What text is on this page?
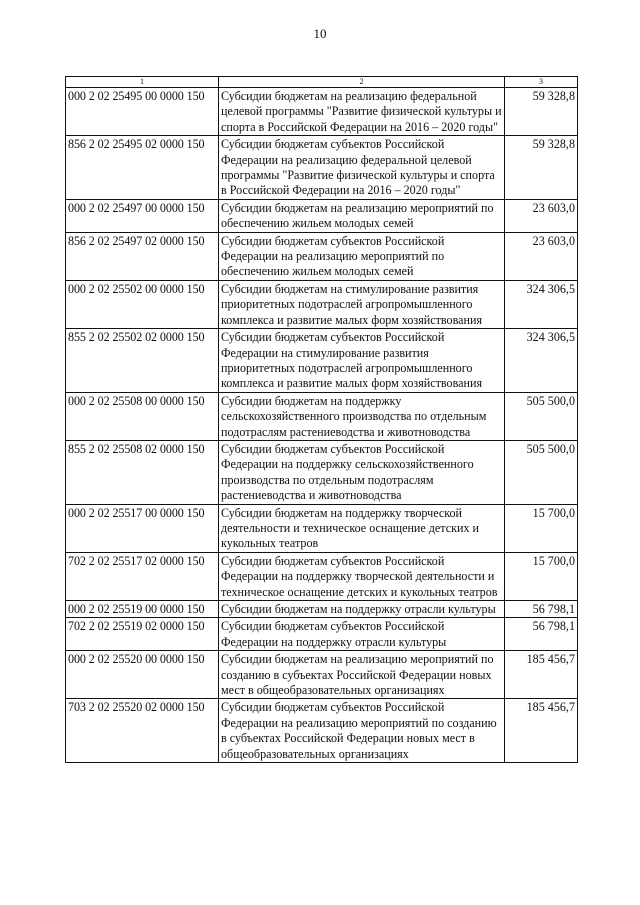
10
1	2	3
000 2 02 25495 00 0000 150	Субсидии бюджетам на реализацию федеральной целевой программы "Развитие физической культуры и спорта в Российской Федерации на 2016 – 2020 годы"	59 328,8
856 2 02 25495 02 0000 150	Субсидии бюджетам субъектов Российской Федерации на реализацию федеральной целевой программы "Развитие физической культуры и спорта в Российской Федерации на 2016 – 2020 годы"	59 328,8
000 2 02 25497 00 0000 150	Субсидии бюджетам на реализацию мероприятий по обеспечению жильем молодых семей	23 603,0
856 2 02 25497 02 0000 150	Субсидии бюджетам субъектов Российской Федерации на реализацию мероприятий по обеспечению жильем молодых семей	23 603,0
000 2 02 25502 00 0000 150	Субсидии бюджетам на стимулирование развития приоритетных подотраслей агропромышленного комплекса и развитие малых форм хозяйствования	324 306,5
855 2 02 25502 02 0000 150	Субсидии бюджетам субъектов Российской Федерации на стимулирование развития приоритетных подотраслей агропромышленного комплекса и развитие малых форм хозяйствования	324 306,5
000 2 02 25508 00 0000 150	Субсидии бюджетам на поддержку сельскохозяйственного производства по отдельным подотраслям растениеводства и животноводства	505 500,0
855 2 02 25508 02 0000 150	Субсидии бюджетам субъектов Российской Федерации на поддержку сельскохозяйственного производства по отдельным подотраслям растениеводства и животноводства	505 500,0
000 2 02 25517 00 0000 150	Субсидии бюджетам на поддержку творческой деятельности и техническое оснащение детских и кукольных театров	15 700,0
702 2 02 25517 02 0000 150	Субсидии бюджетам субъектов Российской Федерации на поддержку творческой деятельности и техническое оснащение детских и кукольных театров	15 700,0
000 2 02 25519 00 0000 150	Субсидии бюджетам на поддержку отрасли культуры	56 798,1
702 2 02 25519 02 0000 150	Субсидии бюджетам субъектов Российской Федерации на поддержку отрасли культуры	56 798,1
000 2 02 25520 00 0000 150	Субсидии бюджетам на реализацию мероприятий по созданию в субъектах Российской Федерации новых мест в общеобразовательных организациях	185 456,7
703 2 02 25520 02 0000 150	Субсидии бюджетам субъектов Российской Федерации на реализацию мероприятий по созданию в субъектах Российской Федерации новых мест в общеобразовательных организациях	185 456,7
